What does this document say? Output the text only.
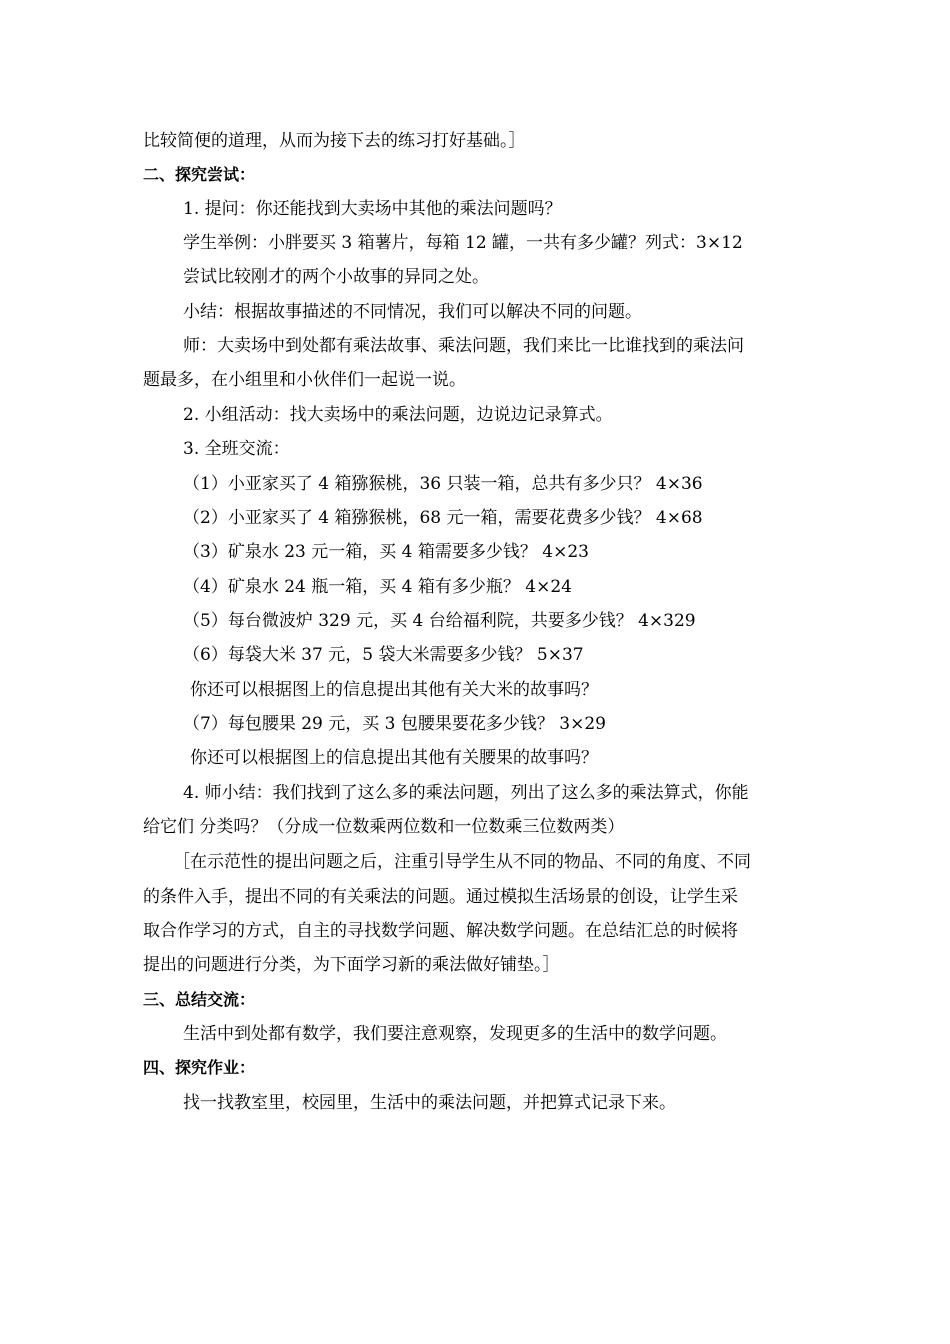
比较简便的道理，从而为接下去的练习打好基础。］
二、探究尝试：
1. 提问：你还能找到大卖场中其他的乘法问题吗？
学生举例：小胖要买 3 箱薯片，每箱 12 罐，一共有多少罐？列式：3×12
尝试比较刚才的两个小故事的异同之处。
小结：根据故事描述的不同情况，我们可以解决不同的问题。
师：大卖场中到处都有乘法故事、乘法问题，我们来比一比谁找到的乘法问
题最多，在小组里和小伙伴们一起说一说。
2. 小组活动：找大卖场中的乘法问题，边说边记录算式。
3. 全班交流：
（1）小亚家买了 4 箱猕猴桃，36 只装一箱，总共有多少只？ 4×36
（2）小亚家买了 4 箱猕猴桃，68 元一箱，需要花费多少钱？ 4×68
（3）矿泉水 23 元一箱，买 4 箱需要多少钱？ 4×23
（4）矿泉水 24 瓶一箱，买 4 箱有多少瓶？ 4×24
（5）每台微波炉 329 元，买 4 台给福利院，共要多少钱？ 4×329
（6）每袋大米 37 元，5 袋大米需要多少钱？ 5×37
你还可以根据图上的信息提出其他有关大米的故事吗？
（7）每包腰果 29 元，买 3 包腰果要花多少钱？ 3×29
你还可以根据图上的信息提出其他有关腰果的故事吗？
4. 师小结：我们找到了这么多的乘法问题，列出了这么多的乘法算式，你能
给它们 分类吗？（分成一位数乘两位数和一位数乘三位数两类）
［在示范性的提出问题之后，注重引导学生从不同的物品、不同的角度、不同
的条件入手，提出不同的有关乘法的问题。通过模拟生活场景的创设，让学生采
取合作学习的方式，自主的寻找数学问题、解决数学问题。在总结汇总的时候将
提出的问题进行分类，为下面学习新的乘法做好铺垫。］
三、总结交流：
生活中到处都有数学，我们要注意观察，发现更多的生活中的数学问题。
四、探究作业：
找一找教室里，校园里，生活中的乘法问题，并把算式记录下来。
